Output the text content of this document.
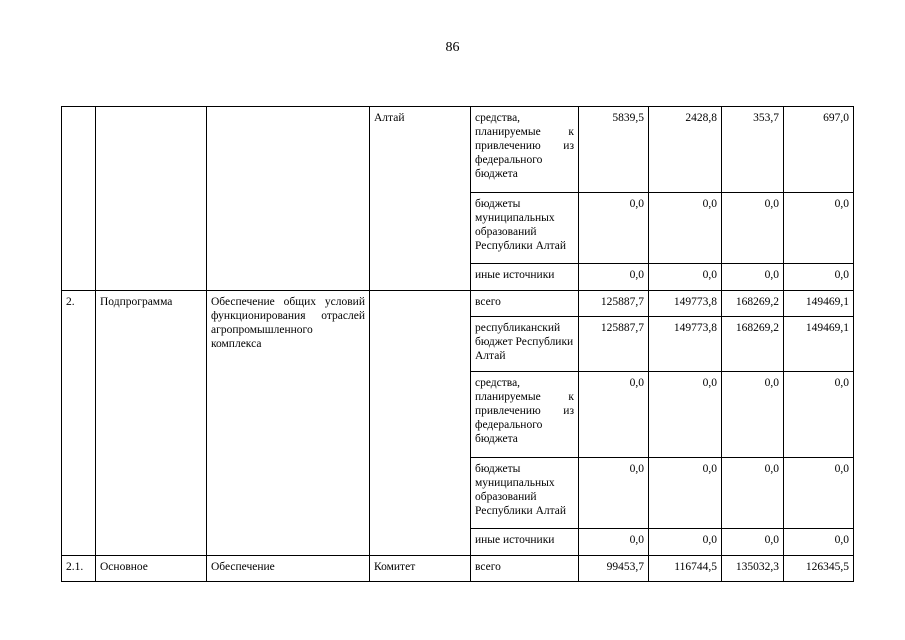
86
			Алтай	средства, планируемые к привлечению из федерального бюджета	5839,5	2428,8	353,7	697,0
				бюджеты муниципальных образований Республики Алтай	0,0	0,0	0,0	0,0
				иные источники	0,0	0,0	0,0	0,0
2.	Подпрограмма	Обеспечение общих условий функционирования отраслей агропромышленного комплекса		всего	125887,7	149773,8	168269,2	149469,1
				республиканский бюджет Республики Алтай	125887,7	149773,8	168269,2	149469,1
				средства, планируемые к привлечению из федерального бюджета	0,0	0,0	0,0	0,0
				бюджеты муниципальных образований Республики Алтай	0,0	0,0	0,0	0,0
				иные источники	0,0	0,0	0,0	0,0
2.1.	Основное	Обеспечение	Комитет	всего	99453,7	116744,5	135032,3	126345,5
